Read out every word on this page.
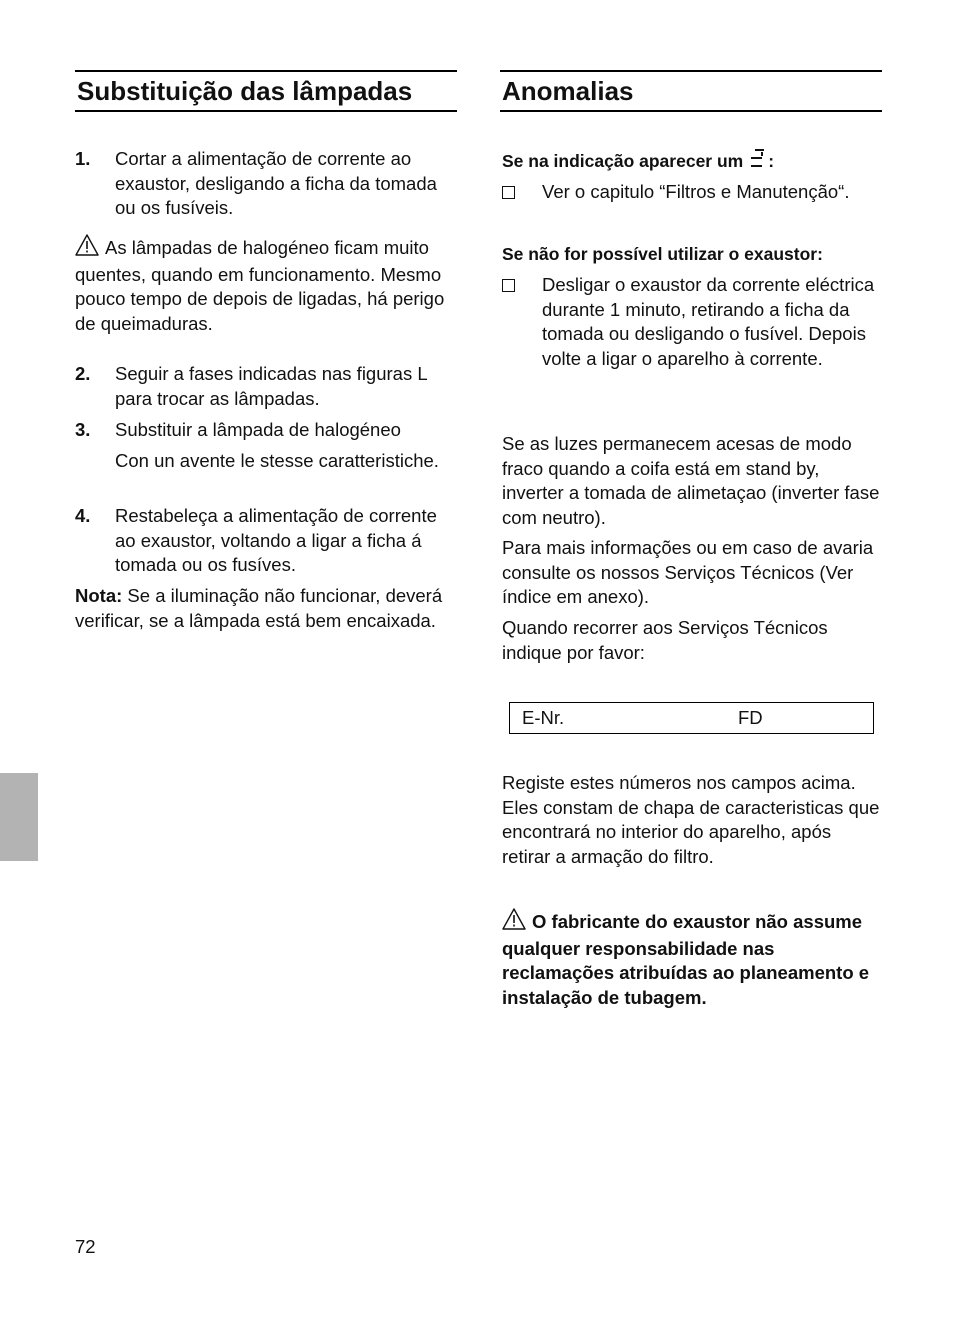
Substituição das lâmpadas
1.	Cortar a alimentação de corrente ao exaustor, desligando a ficha da tomada ou os fusíveis.
As lâmpadas de halogéneo ficam muito quentes, quando em funcionamento. Mesmo pouco tempo de depois de ligadas, há perigo de queimaduras.
2.	Seguir a fases indicadas nas figuras L para trocar as lâmpadas.
3.	Substituir a lâmpada de halogéneo
Con un avente le stesse caratteristiche.
4.	Restabeleça a alimentação de corrente ao exaustor, voltando a ligar a ficha á tomada ou os fusíves.
Nota: Se a iluminação não funcionar, deverá verificar, se a lâmpada está bem encaixada.
Anomalias
Se na indicação aparecer um :
Ver o capitulo “Filtros e Manutenção“.
Se não for possível utilizar o exaustor:
Desligar o exaustor da corrente eléctrica durante 1 minuto, retirando a ficha da tomada ou desligando o fusível. Depois volte a ligar o aparelho à corrente.
Se as luzes permanecem acesas de modo fraco quando a coifa está em stand by, inverter a tomada de alimetaçao (inverter fase com neutro).
Para mais informações ou em caso de avaria consulte os nossos Serviços Técnicos (Ver índice em anexo).
Quando recorrer aos Serviços Técnicos indique por favor:
E-Nr.	FD
Registe estes números nos campos acima. Eles constam de chapa de caracteristicas que encontrará no interior do aparelho, após retirar a armação do filtro.
O fabricante do exaustor não assume qualquer responsabilidade nas reclamações atribuídas ao planeamento e instalação de tubagem.
72
